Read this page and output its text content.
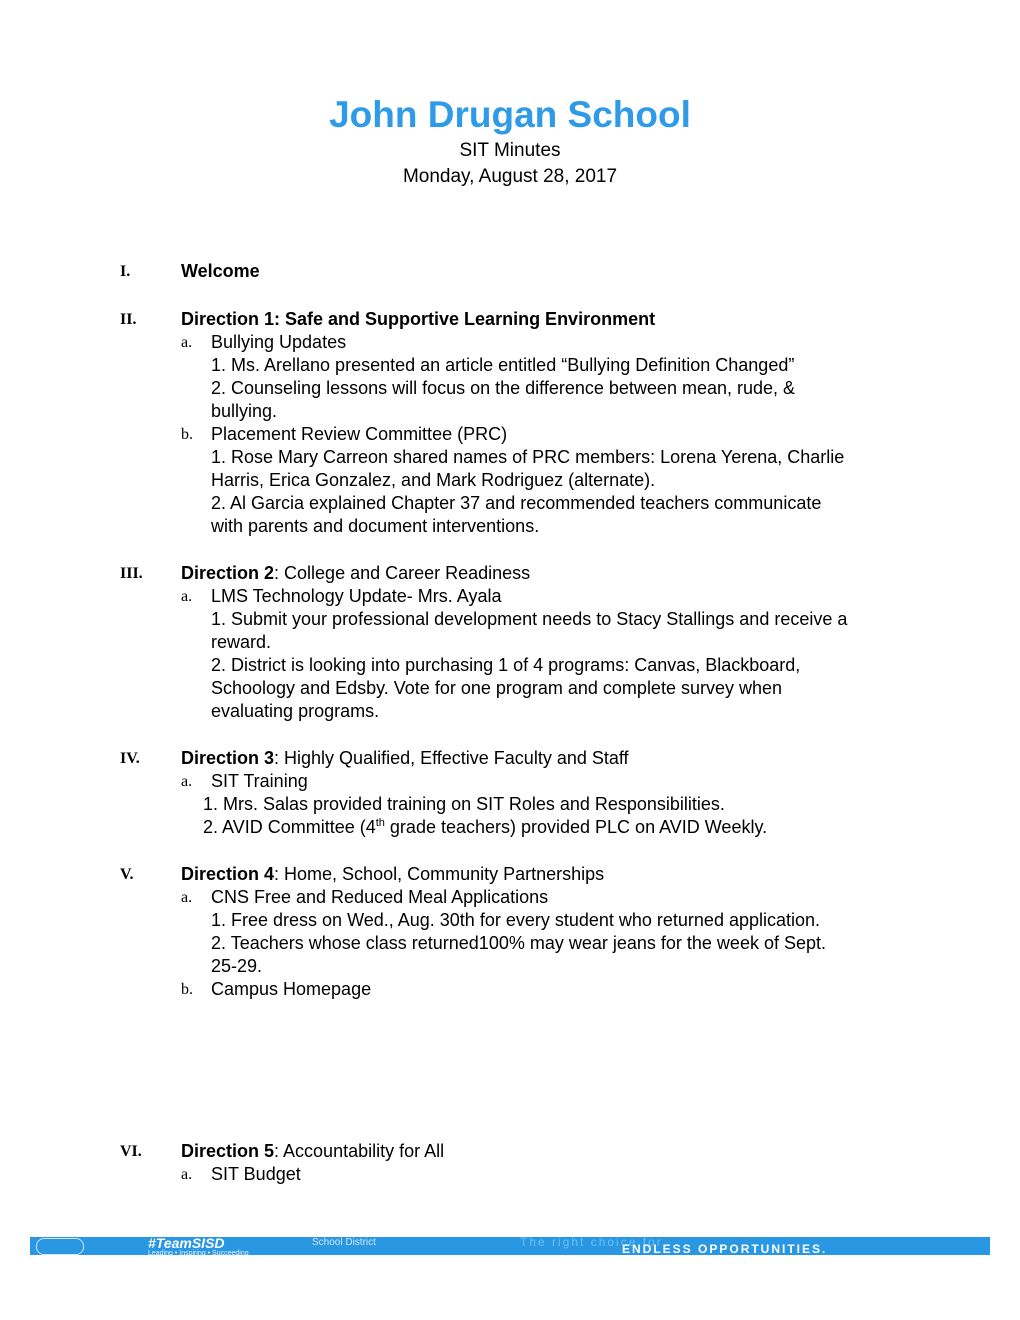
John Drugan School
SIT Minutes
Monday, August 28, 2017
I.	Welcome
II. Direction 1: Safe and Supportive Learning Environment
a. Bullying Updates
1. Ms. Arellano presented an article entitled “Bullying Definition Changed”
2. Counseling lessons will focus on the difference between mean, rude, &
bullying.
b. Placement Review Committee (PRC)
1. Rose Mary Carreon shared names of PRC members: Lorena Yerena, Charlie
Harris, Erica Gonzalez, and Mark Rodriguez (alternate).
2. Al Garcia explained Chapter 37 and recommended teachers communicate
with parents and document interventions.
III. Direction 2: College and Career Readiness
a. LMS Technology Update- Mrs. Ayala
1. Submit your professional development needs to Stacy Stallings and receive a
reward.
2. District is looking into purchasing 1 of 4 programs: Canvas, Blackboard,
Schoology and Edsby. Vote for one program and complete survey when
evaluating programs.
IV. Direction 3: Highly Qualified, Effective Faculty and Staff
a. SIT Training
1. Mrs. Salas provided training on SIT Roles and Responsibilities.
2. AVID Committee (4th grade teachers) provided PLC on AVID Weekly.
V.	Direction 4: Home, School, Community Partnerships
a. CNS Free and Reduced Meal Applications
1. Free dress on Wed., Aug. 30th for every student who returned application.
2. Teachers whose class returned100% may wear jeans for the week of Sept.
25-29.
b. Campus Homepage
VI. Direction 5: Accountability for All
a. SIT Budget
#TeamSISD	School District
Leading • Inspiring • Succeeding
The right choice for
ENDLESS OPPORTUNITIES.
